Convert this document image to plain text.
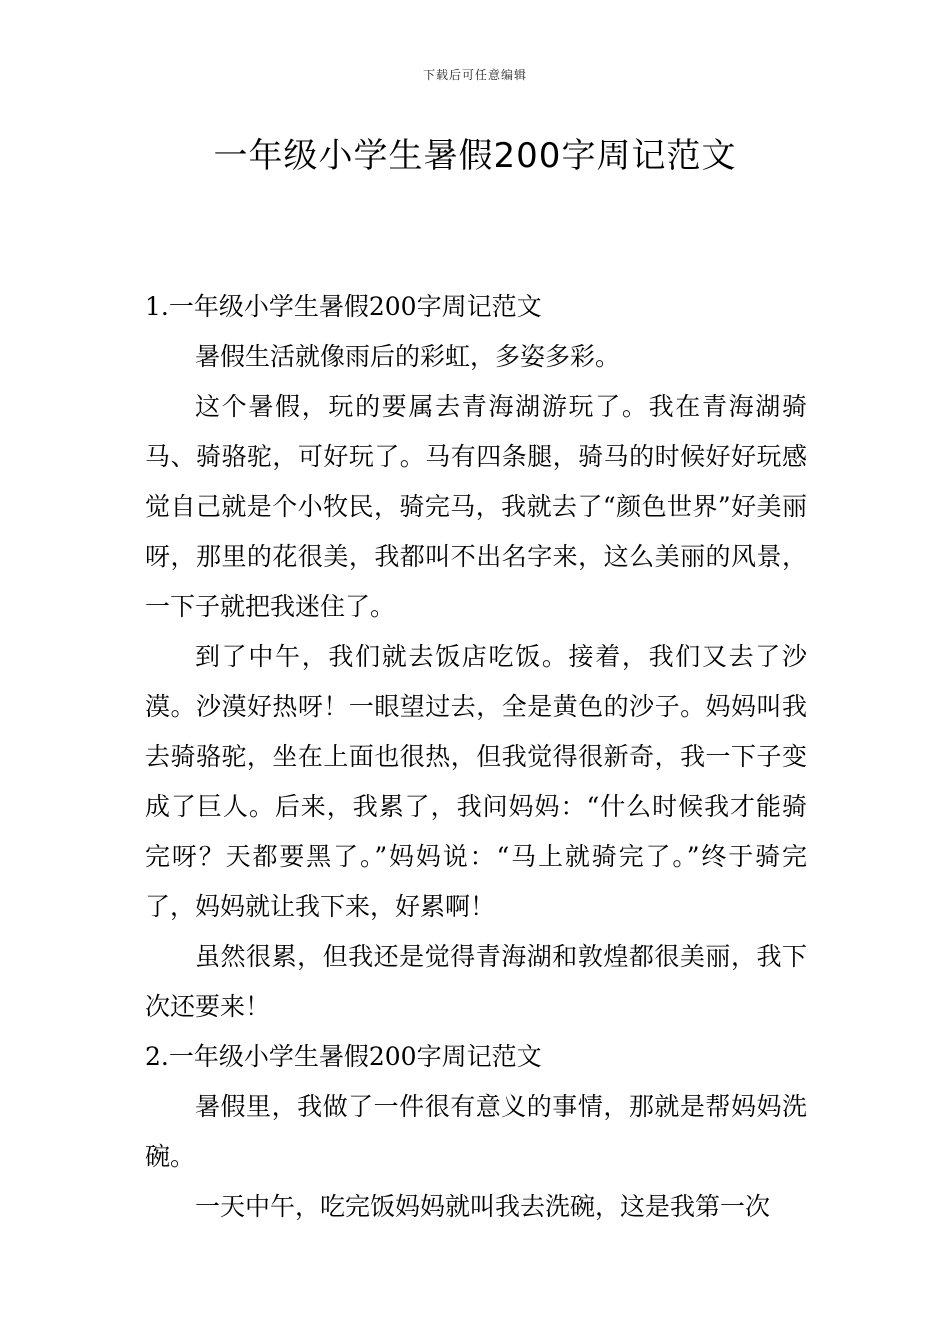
下载后可任意编辑
一年级小学生暑假200字周记范文
1.一年级小学生暑假200字周记范文

暑假生活就像雨后的彩虹，多姿多彩。

这个暑假，玩的要属去青海湖游玩了。我在青海湖骑马、骑骆驼，可好玩了。马有四条腿，骑马的时候好好玩感觉自己就是个小牧民，骑完马，我就去了“颜色世界”好美丽呀，那里的花很美，我都叫不出名字来，这么美丽的风景，一下子就把我迷住了。

到了中午，我们就去饭店吃饭。接着，我们又去了沙漠。沙漠好热呀！一眼望过去，全是黄色的沙子。妈妈叫我去骑骆驼，坐在上面也很热，但我觉得很新奇，我一下子变成了巨人。后来，我累了，我问妈妈：“什么时候我才能骑完呀？天都要黑了。”妈妈说：“马上就骑完了。”终于骑完了，妈妈就让我下来，好累啊！

虽然很累，但我还是觉得青海湖和敦煌都很美丽，我下次还要来！

2.一年级小学生暑假200字周记范文

暑假里，我做了一件很有意义的事情，那就是帮妈妈洗碗。

一天中午，吃完饭妈妈就叫我去洗碗，这是我第一次
